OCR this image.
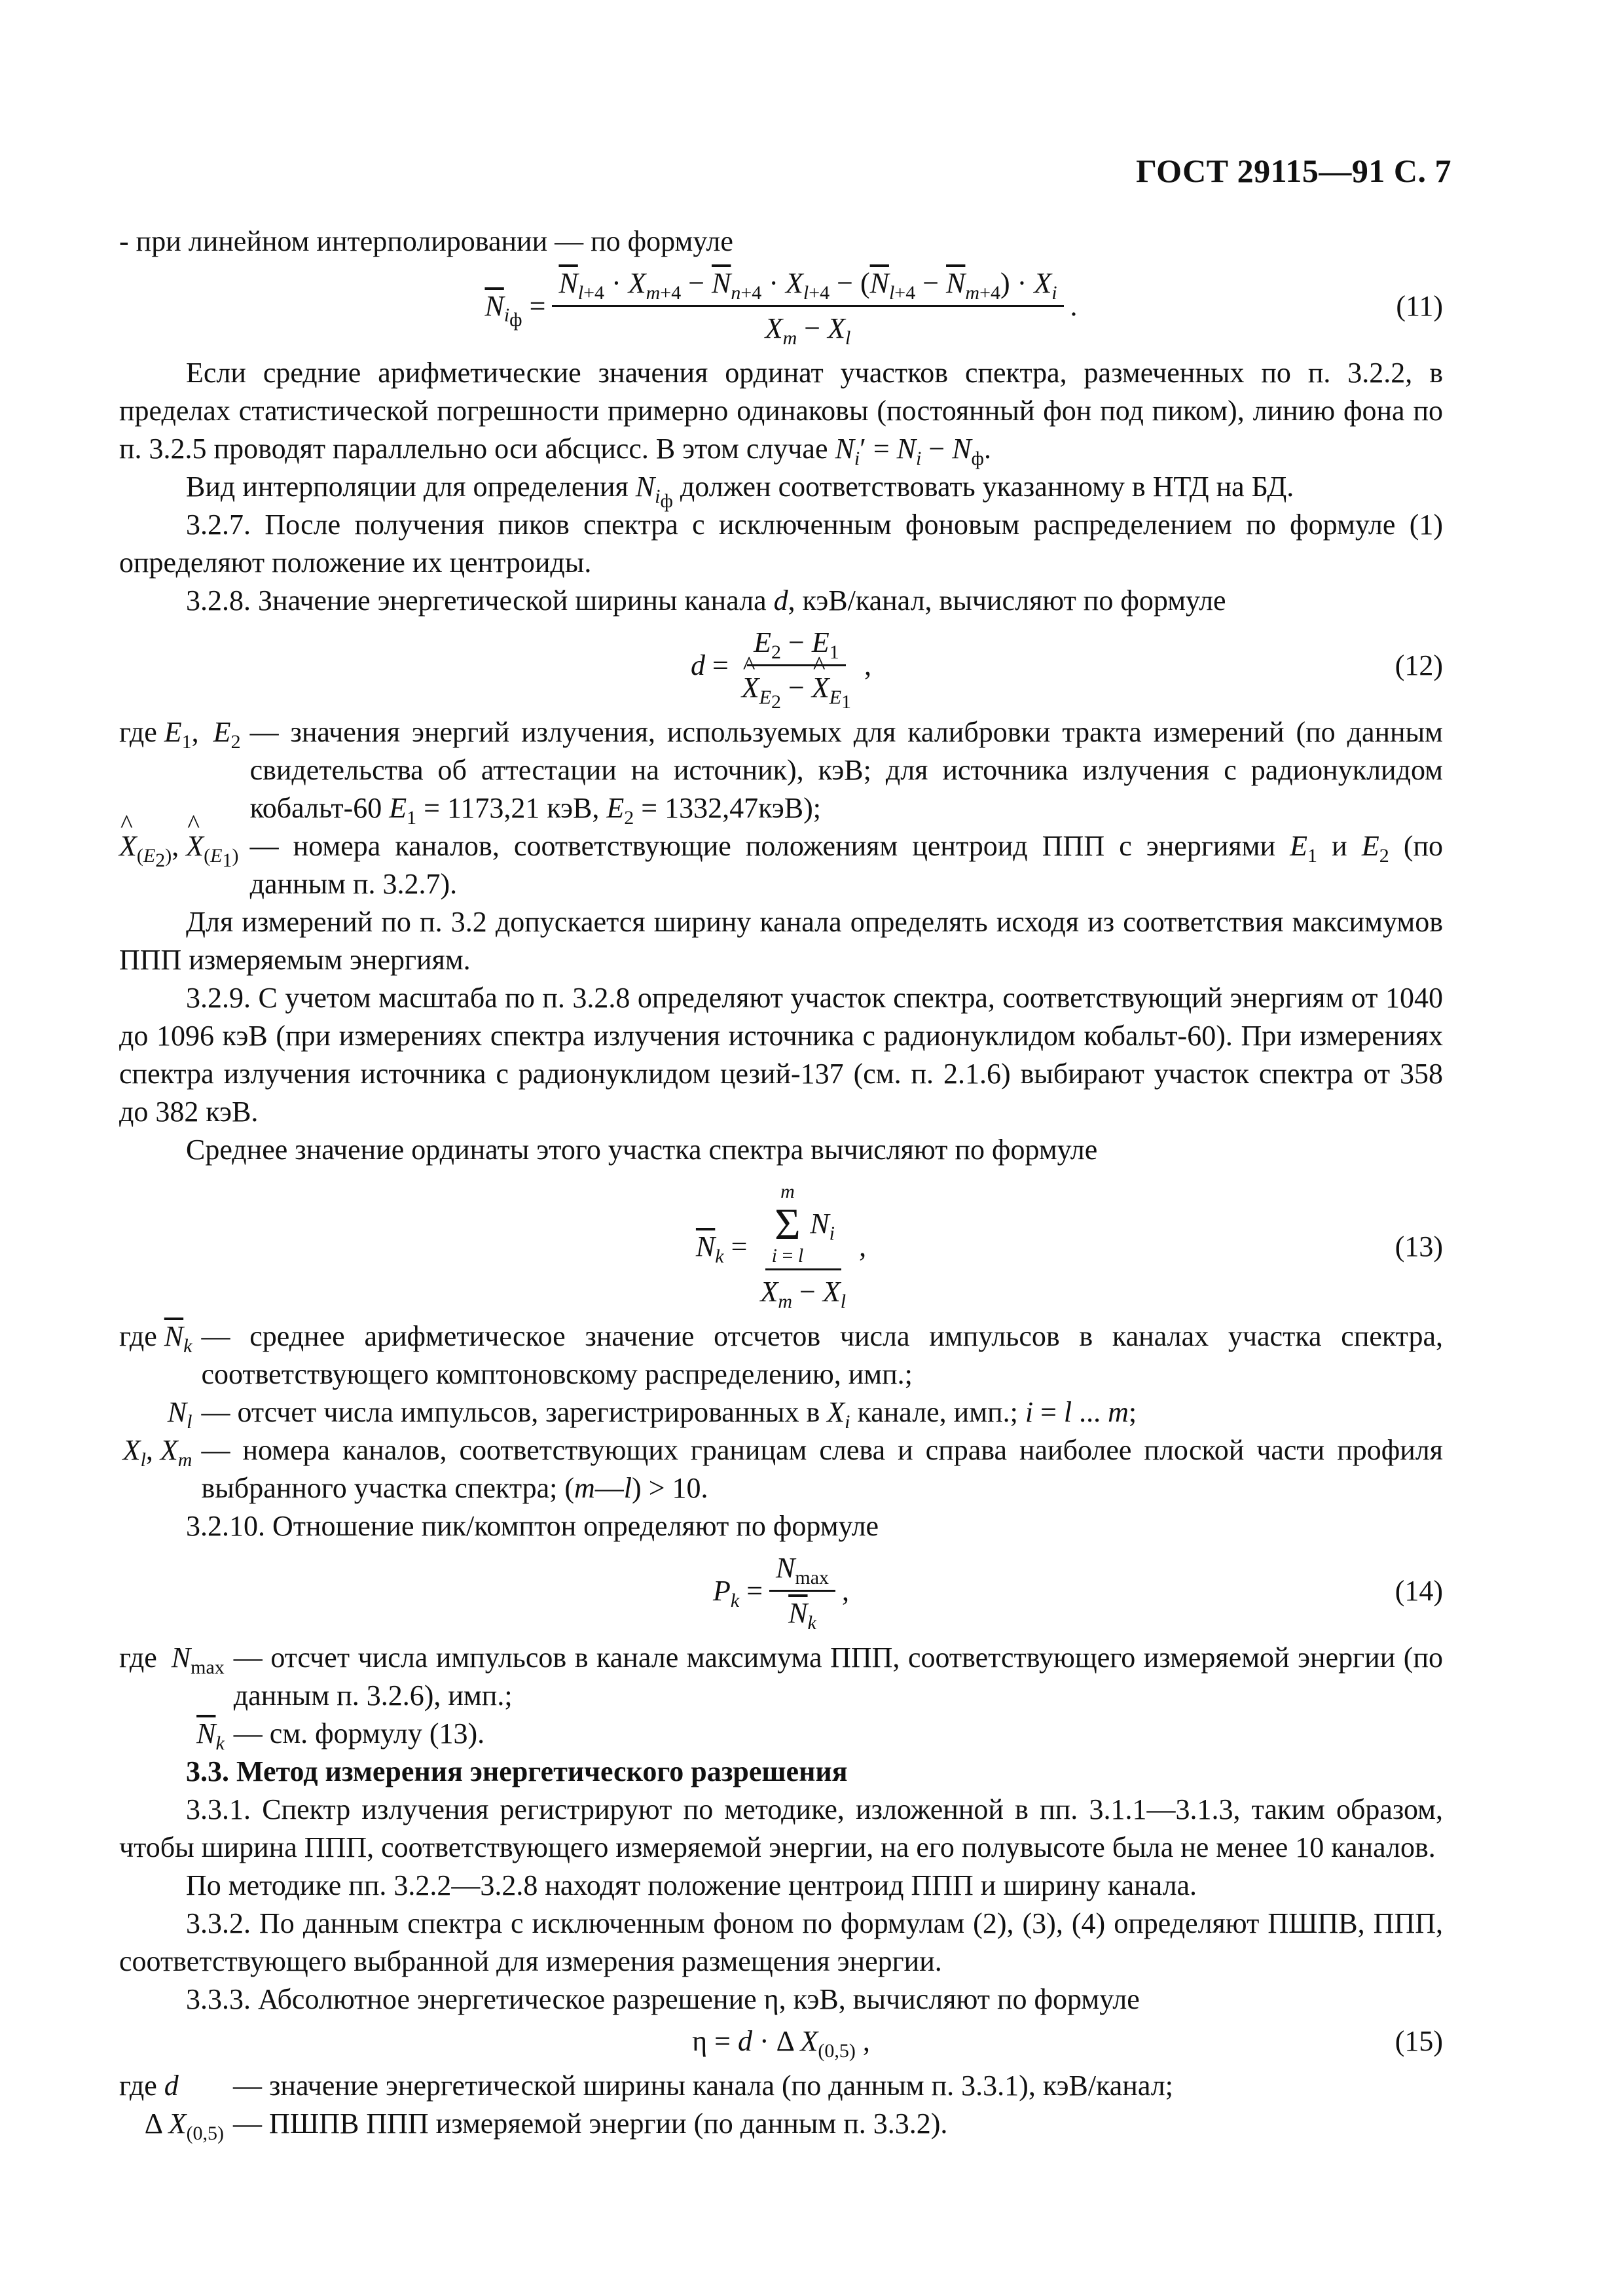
ГОСТ 29115—91 С. 7

- при линейном интерполировании — по формуле

$\overline{N}_{i_ф} = \frac{\overline{N}_{l+4} \cdot X_{m+4} - \overline{N}_{n+4} \cdot X_{l+4} - (\overline{N}_{l+4} - \overline{N}_{m+4}) \cdot X_i}{X_m - X_l}$ .	(11)

Если средние арифметические значения ординат участков спектра, размеченных по п. 3.2.2, в пределах статистической погрешности примерно одинаковы (постоянный фон под пиком), линию фона по п. 3.2.5 проводят параллельно оси абсцисс. В этом случае $N_i' = N_i - N_ф$.

Вид интерполяции для определения $N_{i_ф}$ должен соответствовать указанному в НТД на БД.

3.2.7. После получения пиков спектра с исключенным фоновым распределением по формуле (1) определяют положение их центроиды.

3.2.8. Значение энергетической ширины канала d, кэВ/канал, вычисляют по формуле

$d = E_2 - E_1$
^ $X_{E_2}$ − ^ $X_{E_1}$ ,	(12)
где $E_1$,  $E_2$	— значения энергий излучения, используемых для калибровки тракта измерений (по данным свидетельства об аттестации на источник), кэВ; для источника излучения с радионуклидом кобальт-60 $E_1 = 1173,21$ кэВ, $E_2 = 1332,47кэВ$);
^ $X_{(E_2)}$, ^ $X_{(E_1)}$	— номера каналов, соответствующие положениям центроид ППП с энергиями $E_1$ и $E_2$ (по данным п. 3.2.7).

Для измерений по п. 3.2 допускается ширину канала определять исходя из соответствия максимумов ППП измеряемым энергиям.

3.2.9. С учетом масштаба по п. 3.2.8 определяют участок спектра, соответствующий энергиям от 1040 до 1096 кэВ (при измерениях спектра излучения источника с радионуклидом кобальт-60). При измерениях спектра излучения источника с радионуклидом цезий-137 (см. п. 2.1.6) выбирают участок спектра от 358 до 382 кэВ.

Среднее значение ординаты этого участка спектра вычисляют по формуле

$\overline{N}_k = m$
Σ
i = l
$N_i$
$X_m - X_l$ ,	(13)
где $\overline{N}_k$	— среднее арифметическое значение отсчетов числа импульсов в каналах участка спектра, соответствующего комптоновскому распределению, имп.;
$N_l$	— отсчет числа импульсов, зарегистрированных в $X_i$ канале, имп.; i = l ... m;
$X_l$, $X_m$	— номера каналов, соответствующих границам слева и справа наиболее плоской части профиля выбранного участка спектра; (m—l) > 10.

3.2.10. Отношение пик/комптон определяют по формуле

$P_k = \frac{N_{max}}{\overline{N}_k}$ ,	(14)
где  $N_{max}$	— отсчет числа импульсов в канале максимума ППП, соответствующего измеряемой энергии (по данным п. 3.2.6), имп.;
$\overline{N}_k$	— см. формулу (13).

3.3. Метод измерения энергетического разрешения

3.3.1. Спектр излучения регистрируют по методике, изложенной в пп. 3.1.1—3.1.3, таким образом, чтобы ширина ППП, соответствующего измеряемой энергии, на его полувысоте была не менее 10 каналов.

По методике пп. 3.2.2—3.2.8 находят положение центроид ППП и ширину канала.

3.3.2. По данным спектра с исключенным фоном по формулам (2), (3), (4) определяют ПШПВ, ППП, соответствующего выбранной для измерения размещения энергии.

3.3.3. Абсолютное энергетическое разрешение η, кэВ, вычисляют по формуле

η = d · Δ $X_{(0,5)}$ ,	(15)
где d	— значение энергетической ширины канала (по данным п. 3.3.1), кэВ/канал;
Δ $X_{(0,5)}$	— ПШПВ ППП измеряемой энергии (по данным п. 3.3.2).
